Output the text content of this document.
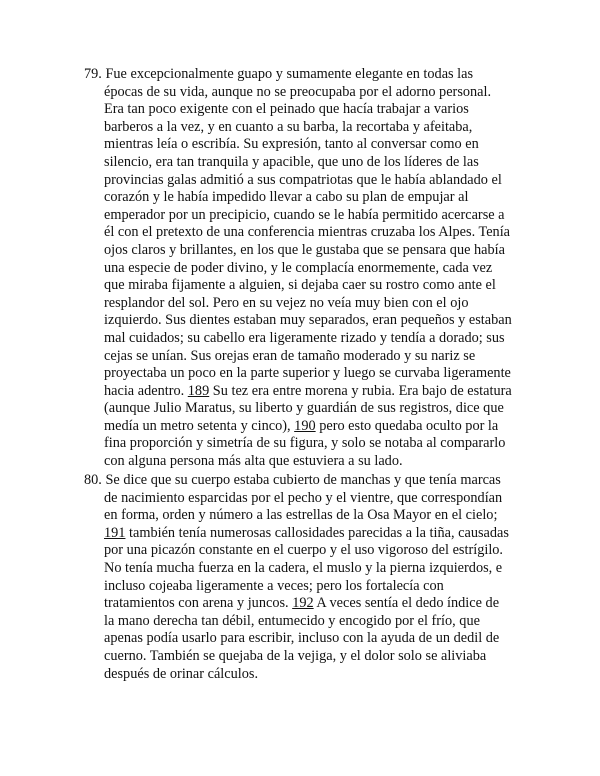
79. Fue excepcionalmente guapo y sumamente elegante en todas las
épocas de su vida, aunque no se preocupaba por el adorno personal.
Era tan poco exigente con el peinado que hacía trabajar a varios
barberos a la vez, y en cuanto a su barba, la recortaba y afeitaba,
mientras leía o escribía. Su expresión, tanto al conversar como en
silencio, era tan tranquila y apacible, que uno de los líderes de las
provincias galas admitió a sus compatriotas que le había ablandado el
corazón y le había impedido llevar a cabo su plan de empujar al
emperador por un precipicio, cuando se le había permitido acercarse a
él con el pretexto de una conferencia mientras cruzaba los Alpes. Tenía
ojos claros y brillantes, en los que le gustaba que se pensara que había
una especie de poder divino, y le complacía enormemente, cada vez
que miraba fijamente a alguien, si dejaba caer su rostro como ante el
resplandor del sol. Pero en su vejez no veía muy bien con el ojo
izquierdo. Sus dientes estaban muy separados, eran pequeños y estaban
mal cuidados; su cabello era ligeramente rizado y tendía a dorado; sus
cejas se unían. Sus orejas eran de tamaño moderado y su nariz se
proyectaba un poco en la parte superior y luego se curvaba ligeramente
hacia adentro. 189 Su tez era entre morena y rubia. Era bajo de estatura
(aunque Julio Maratus, su liberto y guardián de sus registros, dice que
medía un metro setenta y cinco), 190 pero esto quedaba oculto por la
fina proporción y simetría de su figura, y solo se notaba al compararlo
con alguna persona más alta que estuviera a su lado.

80. Se dice que su cuerpo estaba cubierto de manchas y que tenía marcas
de nacimiento esparcidas por el pecho y el vientre, que correspondían
en forma, orden y número a las estrellas de la Osa Mayor en el cielo;
191 también tenía numerosas callosidades parecidas a la tiña, causadas
por una picazón constante en el cuerpo y el uso vigoroso del estrígilo.
No tenía mucha fuerza en la cadera, el muslo y la pierna izquierdos, e
incluso cojeaba ligeramente a veces; pero los fortalecía con
tratamientos con arena y juncos. 192 A veces sentía el dedo índice de
la mano derecha tan débil, entumecido y encogido por el frío, que
apenas podía usarlo para escribir, incluso con la ayuda de un dedil de
cuerno. También se quejaba de la vejiga, y el dolor solo se aliviaba
después de orinar cálculos.
